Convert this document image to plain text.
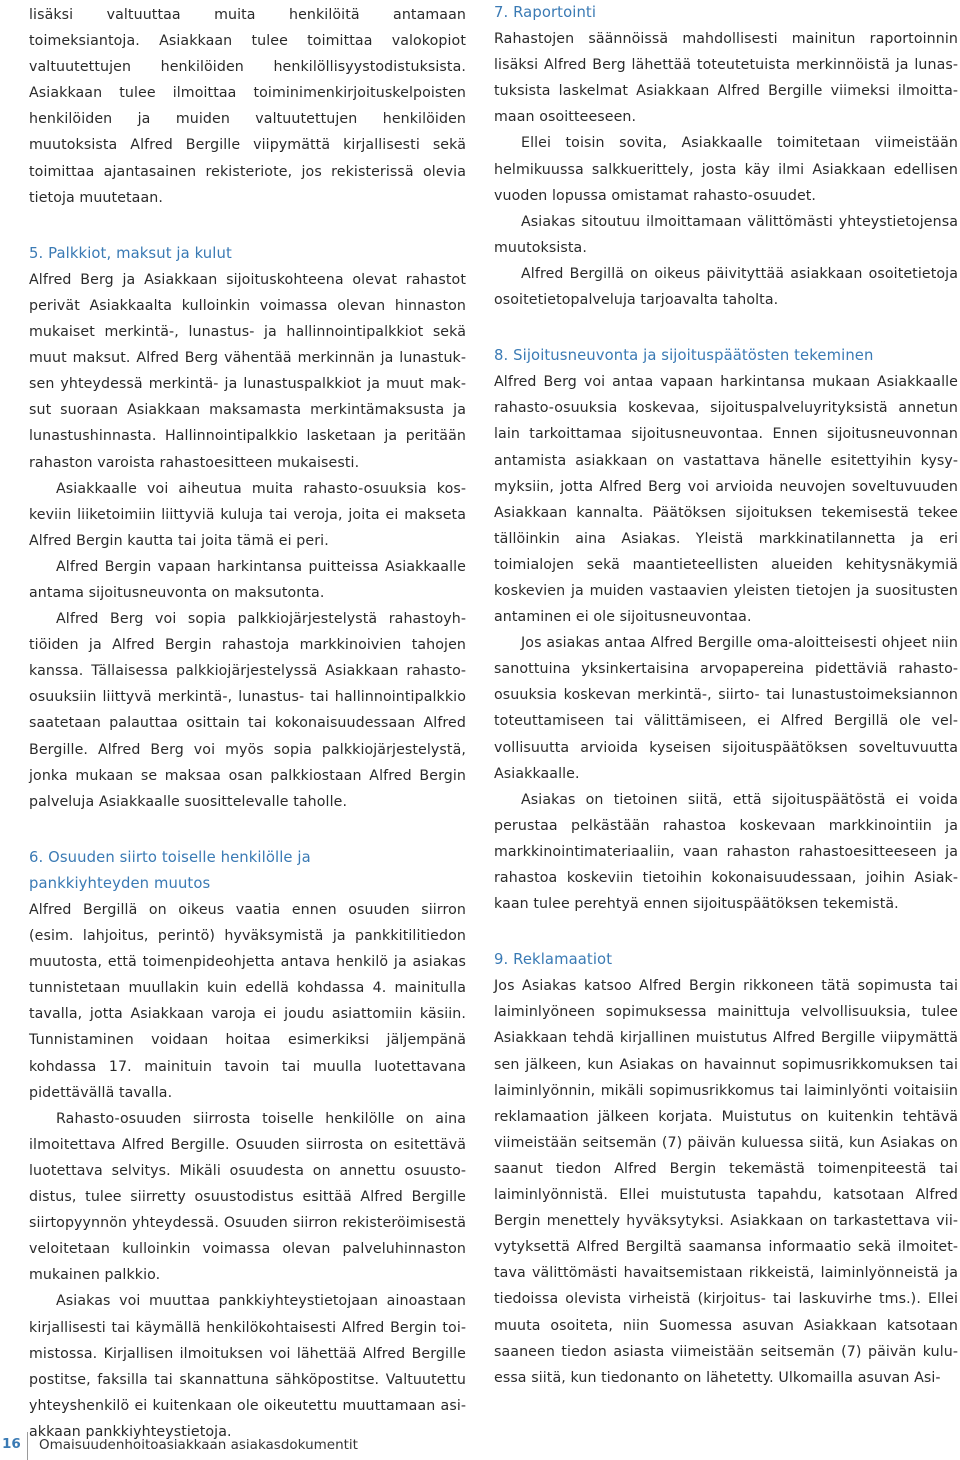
lisäksi valtuuttaa muita henkilöitä antamaan toimeksiantoja. Asiakkaan tulee toimittaa valokopiot valtuutettujen henkilöiden henkilöllisyystodistuksista. Asiakkaan tulee ilmoittaa toiminimenkirjoituskelpoisten henkilöiden ja muiden valtuutettujen henkilöiden muutoksista Alfred Bergille viipymättä kirjallisesti sekä toimittaa ajantasainen rekisteriote, jos rekisterissä olevia tietoja muutetaan.

5. Palkkiot, maksut ja kulut

Alfred Berg ja Asiakkaan sijoituskohteena olevat rahastot perivät Asiakkaalta kulloinkin voimassa olevan hinnaston mukaiset merkintä-, lunastus- ja hallinnointipalkkiot sekä muut maksut. Alfred Berg vähentää merkinnän ja lunastuksen yhteydessä merkintä- ja lunastuspalkkiot ja muut maksut suoraan Asiakkaan maksamasta merkintämaksusta ja lunastushinnasta. Hallinnointipalkkio lasketaan ja peritään rahaston varoista rahastoesitteen mukaisesti.

Asiakkaalle voi aiheutua muita rahasto-osuuksia koskeviin liiketoimiin liittyviä kuluja tai veroja, joita ei makseta Alfred Bergin kautta tai joita tämä ei peri.

Alfred Bergin vapaan harkintansa puitteissa Asiakkaalle antama sijoitusneuvonta on maksutonta.

Alfred Berg voi sopia palkkiojärjestelystä rahastoyhtiöiden ja Alfred Bergin rahastoja markkinoivien tahojen kanssa. Tällaisessa palkkiojärjestelyssä Asiakkaan rahastoosuuksiin liittyvä merkintä-, lunastus- tai hallinnointipalkkio saatetaan palauttaa osittain tai kokonaisuudessaan Alfred Bergille. Alfred Berg voi myös sopia palkkiojärjestelystä, jonka mukaan se maksaa osan palkkiostaan Alfred Bergin palveluja Asiakkaalle suosittelevalle taholle.

6. Osuuden siirto toiselle henkilölle ja
pankkiyhteyden muutos

Alfred Bergillä on oikeus vaatia ennen osuuden siirron (esim. lahjoitus, perintö) hyväksymistä ja pankkitilitiedon muutosta, että toimenpideohjetta antava henkilö ja asiakas tunnistetaan muullakin kuin edellä kohdassa 4. mainitulla tavalla, jotta Asiakkaan varoja ei joudu asiattomiin käsiin. Tunnistaminen voidaan hoitaa esimerkiksi jäljempänä kohdassa 17. mainituin tavoin tai muulla luotettavana pidettävällä tavalla.

Rahasto-osuuden siirrosta toiselle henkilölle on aina ilmoitettava Alfred Bergille. Osuuden siirrosta on esitettävä luotettava selvitys. Mikäli osuudesta on annettu osuustodistus, tulee siirretty osuustodistus esittää Alfred Bergille siirtopyynnön yhteydessä. Osuuden siirron rekisteröimisestä veloitetaan kulloinkin voimassa olevan palveluhinnaston mukainen palkkio.

Asiakas voi muuttaa pankkiyhteystietojaan ainoastaan kirjallisesti tai käymällä henkilökohtaisesti Alfred Bergin toimistossa. Kirjallisen ilmoituksen voi lähettää Alfred Bergille postitse, faksilla tai skannattuna sähköpostitse. Valtuutettu yhteyshenkilö ei kuitenkaan ole oikeutettu muuttamaan asiakkaan pankkiyhteystietoja.

7. Raportointi

Rahastojen säännöissä mahdollisesti mainitun raportoinnin lisäksi Alfred Berg lähettää toteutetuista merkinnöistä ja lunastuksista laskelmat Asiakkaan Alfred Bergille viimeksi ilmoittamaan osoitteeseen.

Ellei toisin sovita, Asiakkaalle toimitetaan viimeistään helmikuussa salkkuerittely, josta käy ilmi Asiakkaan edellisen vuoden lopussa omistamat rahasto-osuudet.

Asiakas sitoutuu ilmoittamaan välittömästi yhteystietojensa muutoksista.

Alfred Bergillä on oikeus päivityttää asiakkaan osoitetietoja osoitetietopalveluja tarjoavalta taholta.

8. Sijoitusneuvonta ja sijoituspäätösten tekeminen

Alfred Berg voi antaa vapaan harkintansa mukaan Asiakkaalle rahasto-osuuksia koskevaa, sijoituspalveluyrityksistä annetun lain tarkoittamaa sijoitusneuvontaa. Ennen sijoitusneuvonnan antamista asiakkaan on vastattava hänelle esitettyihin kysymyksiin, jotta Alfred Berg voi arvioida neuvojen soveltuvuuden Asiakkaan kannalta. Päätöksen sijoituksen tekemisestä tekee tällöinkin aina Asiakas. Yleistä markkinatilannetta ja eri toimialojen sekä maantieteellisten alueiden kehitysnäkymiä koskevien ja muiden vastaavien yleisten tietojen ja suositusten antaminen ei ole sijoitusneuvontaa.

Jos asiakas antaa Alfred Bergille oma-aloitteisesti ohjeet niin sanottuina yksinkertaisina arvopapereina pidettäviä rahastoosuuksia koskevan merkintä-, siirto- tai lunastustoimeksiannon toteuttamiseen tai välittämiseen, ei Alfred Bergillä ole velvollisuutta arvioida kyseisen sijoituspäätöksen soveltuvuutta Asiakkaalle.

Asiakas on tietoinen siitä, että sijoituspäätöstä ei voida perustaa pelkästään rahastoa koskevaan markkinointiin ja markkinointimateriaaliin, vaan rahaston rahastoesitteeseen ja rahastoa koskeviin tietoihin kokonaisuudessaan, joihin Asiakkaan tulee perehtyä ennen sijoituspäätöksen tekemistä.

9. Reklamaatiot

Jos Asiakas katsoo Alfred Bergin rikkoneen tätä sopimusta tai laiminlyöneen sopimuksessa mainittuja velvollisuuksia, tulee Asiakkaan tehdä kirjallinen muistutus Alfred Bergille viipymättä sen jälkeen, kun Asiakas on havainnut sopimusrikkomuksen tai laiminlyönnin, mikäli sopimusrikkomus tai laiminlyönti voitaisiin reklamaation jälkeen korjata. Muistutus on kuitenkin tehtävä viimeistään seitsemän (7) päivän kuluessa siitä, kun Asiakas on saanut tiedon Alfred Bergin tekemästä toimenpiteestä tai laiminlyönnistä. Ellei muistutusta tapahdu, katsotaan Alfred Bergin menettely hyväksytyksi. Asiakkaan on tarkastettava viivytyksettä Alfred Bergiltä saamansa informaatio sekä ilmoitettava välittömästi havaitsemistaan rikkeistä, laiminlyönneistä ja tiedoissa olevista virheistä (kirjoitus- tai laskuvirhe tms.). Ellei muuta osoiteta, niin Suomessa asuvan Asiakkaan katsotaan saaneen tiedon asiasta viimeistään seitsemän (7) päivän kuluessa siitä, kun tiedonanto on lähetetty. Ulkomailla asuvan Asi-

16 Omaisuudenhoitoasiakkaan asiakasdokumentit
